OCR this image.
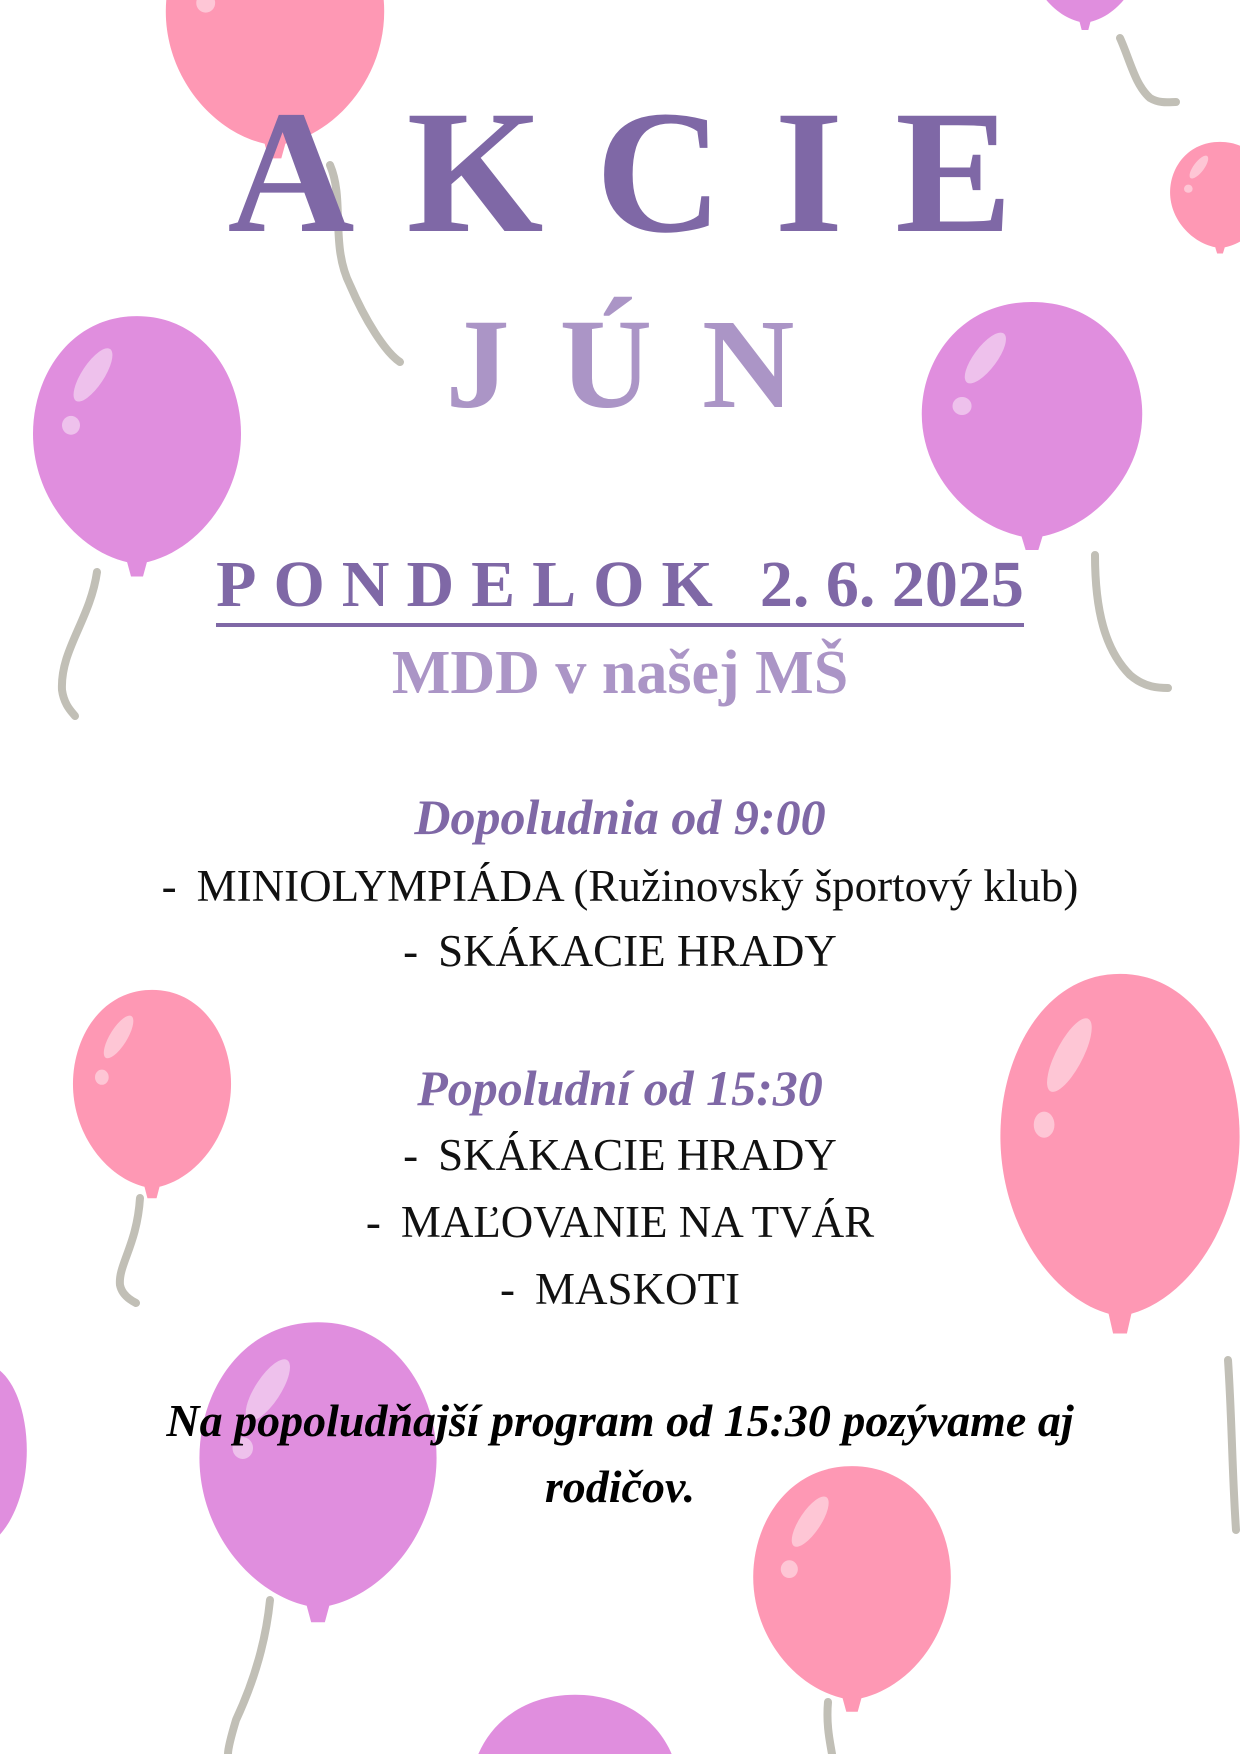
AKCIE
JÚN
PONDELOK 2. 6. 2025
MDD v našej MŠ
Dopoludnia od 9:00
- MINIOLYMPIÁDA (Ružinovský športový klub)
- SKÁKACIE HRADY
Popoludní od 15:30
- SKÁKACIE HRADY
- MAĽOVANIE NA TVÁR
- MASKOTI
Na popoludňajší program od 15:30 pozývame aj
rodičov.
